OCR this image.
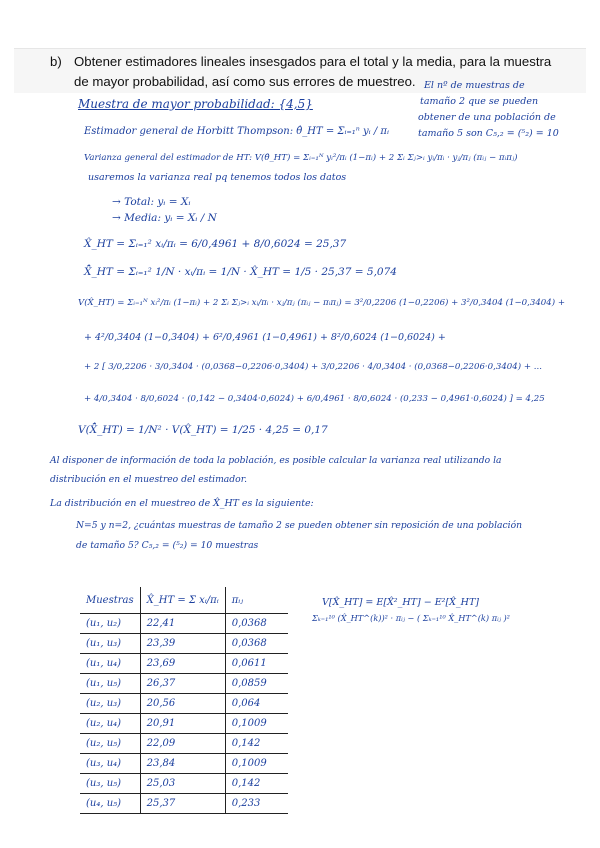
b) Obtener estimadores lineales insesgados para el total y la media, para la muestra de mayor probabilidad, así como sus errores de muestreo. El nº de muestras de
tamaño 2 que se pueden
obtener de una población de
tamaño 5 son C₅,₂ = (⁵₂) = 10
Muestra de mayor probabilidad: {4,5}
Estimador general de Horbitt Thompson: θ̂_HT = Σᵢ₌₁ⁿ yᵢ / πᵢ
Varianza general del estimador de HT: V(θ̂_HT) = Σᵢ₌₁ᴺ yᵢ²/πᵢ (1−πᵢ) + 2 Σᵢ Σⱼ>ᵢ yᵢ/πᵢ · yⱼ/πⱼ (πᵢⱼ − πᵢπⱼ)
usaremos la varianza real pq tenemos todos los datos
→ Total: yᵢ = Xᵢ
→ Media: yᵢ = Xᵢ / N
X̂_HT = Σᵢ₌₁² xᵢ/πᵢ = 6/0,4961 + 8/0,6024 = 25,37
X̄̂_HT = Σᵢ₌₁² 1/N · xᵢ/πᵢ = 1/N · X̂_HT = 1/5 · 25,37 = 5,074
V(X̂_HT) = Σᵢ₌₁ᴺ xᵢ²/πᵢ (1−πᵢ) + 2 Σᵢ Σⱼ>ᵢ xᵢ/πᵢ · xⱼ/πⱼ (πᵢⱼ − πᵢπⱼ) = 3²/0,2206 (1−0,2206) + 3²/0,3404 (1−0,3404) +
+ 4²/0,3404 (1−0,3404) + 6²/0,4961 (1−0,4961) + 8²/0,6024 (1−0,6024) +
+ 2 [ 3/0,2206 · 3/0,3404 · (0,0368−0,2206·0,3404) + 3/0,2206 · 4/0,3404 · (0,0368−0,2206·0,3404) + ...
+ 4/0,3404 · 8/0,6024 · (0,142 − 0,3404·0,6024) + 6/0,4961 · 8/0,6024 · (0,233 − 0,4961·0,6024) ] = 4,25
V(X̄̂_HT) = 1/N² · V(X̂_HT) = 1/25 · 4,25 = 0,17
Al disponer de información de toda la población, es posible calcular la varianza real utilizando la
distribución en el muestreo del estimador.
La distribución en el muestreo de X̂_HT es la siguiente:
N=5 y n=2, ¿cuántas muestras de tamaño 2 se pueden obtener sin reposición de una población
de tamaño 5? C₅,₂ = (⁵₂) = 10 muestras
V[X̂_HT] = E[X̂²_HT] − E²[X̂_HT]
Σₖ₌₁¹⁰ (X̂_HT^(k))² · πᵢⱼ − ( Σₖ₌₁¹⁰ X̂_HT^(k) πᵢⱼ )²
Muestras	X̂_HT = Σ xᵢ/πᵢ	πᵢⱼ
(u₁, u₂)	22,41	0,0368
(u₁, u₃)	23,39	0,0368
(u₁, u₄)	23,69	0,0611
(u₁, u₅)	26,37	0,0859
(u₂, u₃)	20,56	0,064
(u₂, u₄)	20,91	0,1009
(u₂, u₅)	22,09	0,142
(u₃, u₄)	23,84	0,1009
(u₃, u₅)	25,03	0,142
(u₄, u₅)	25,37	0,233
